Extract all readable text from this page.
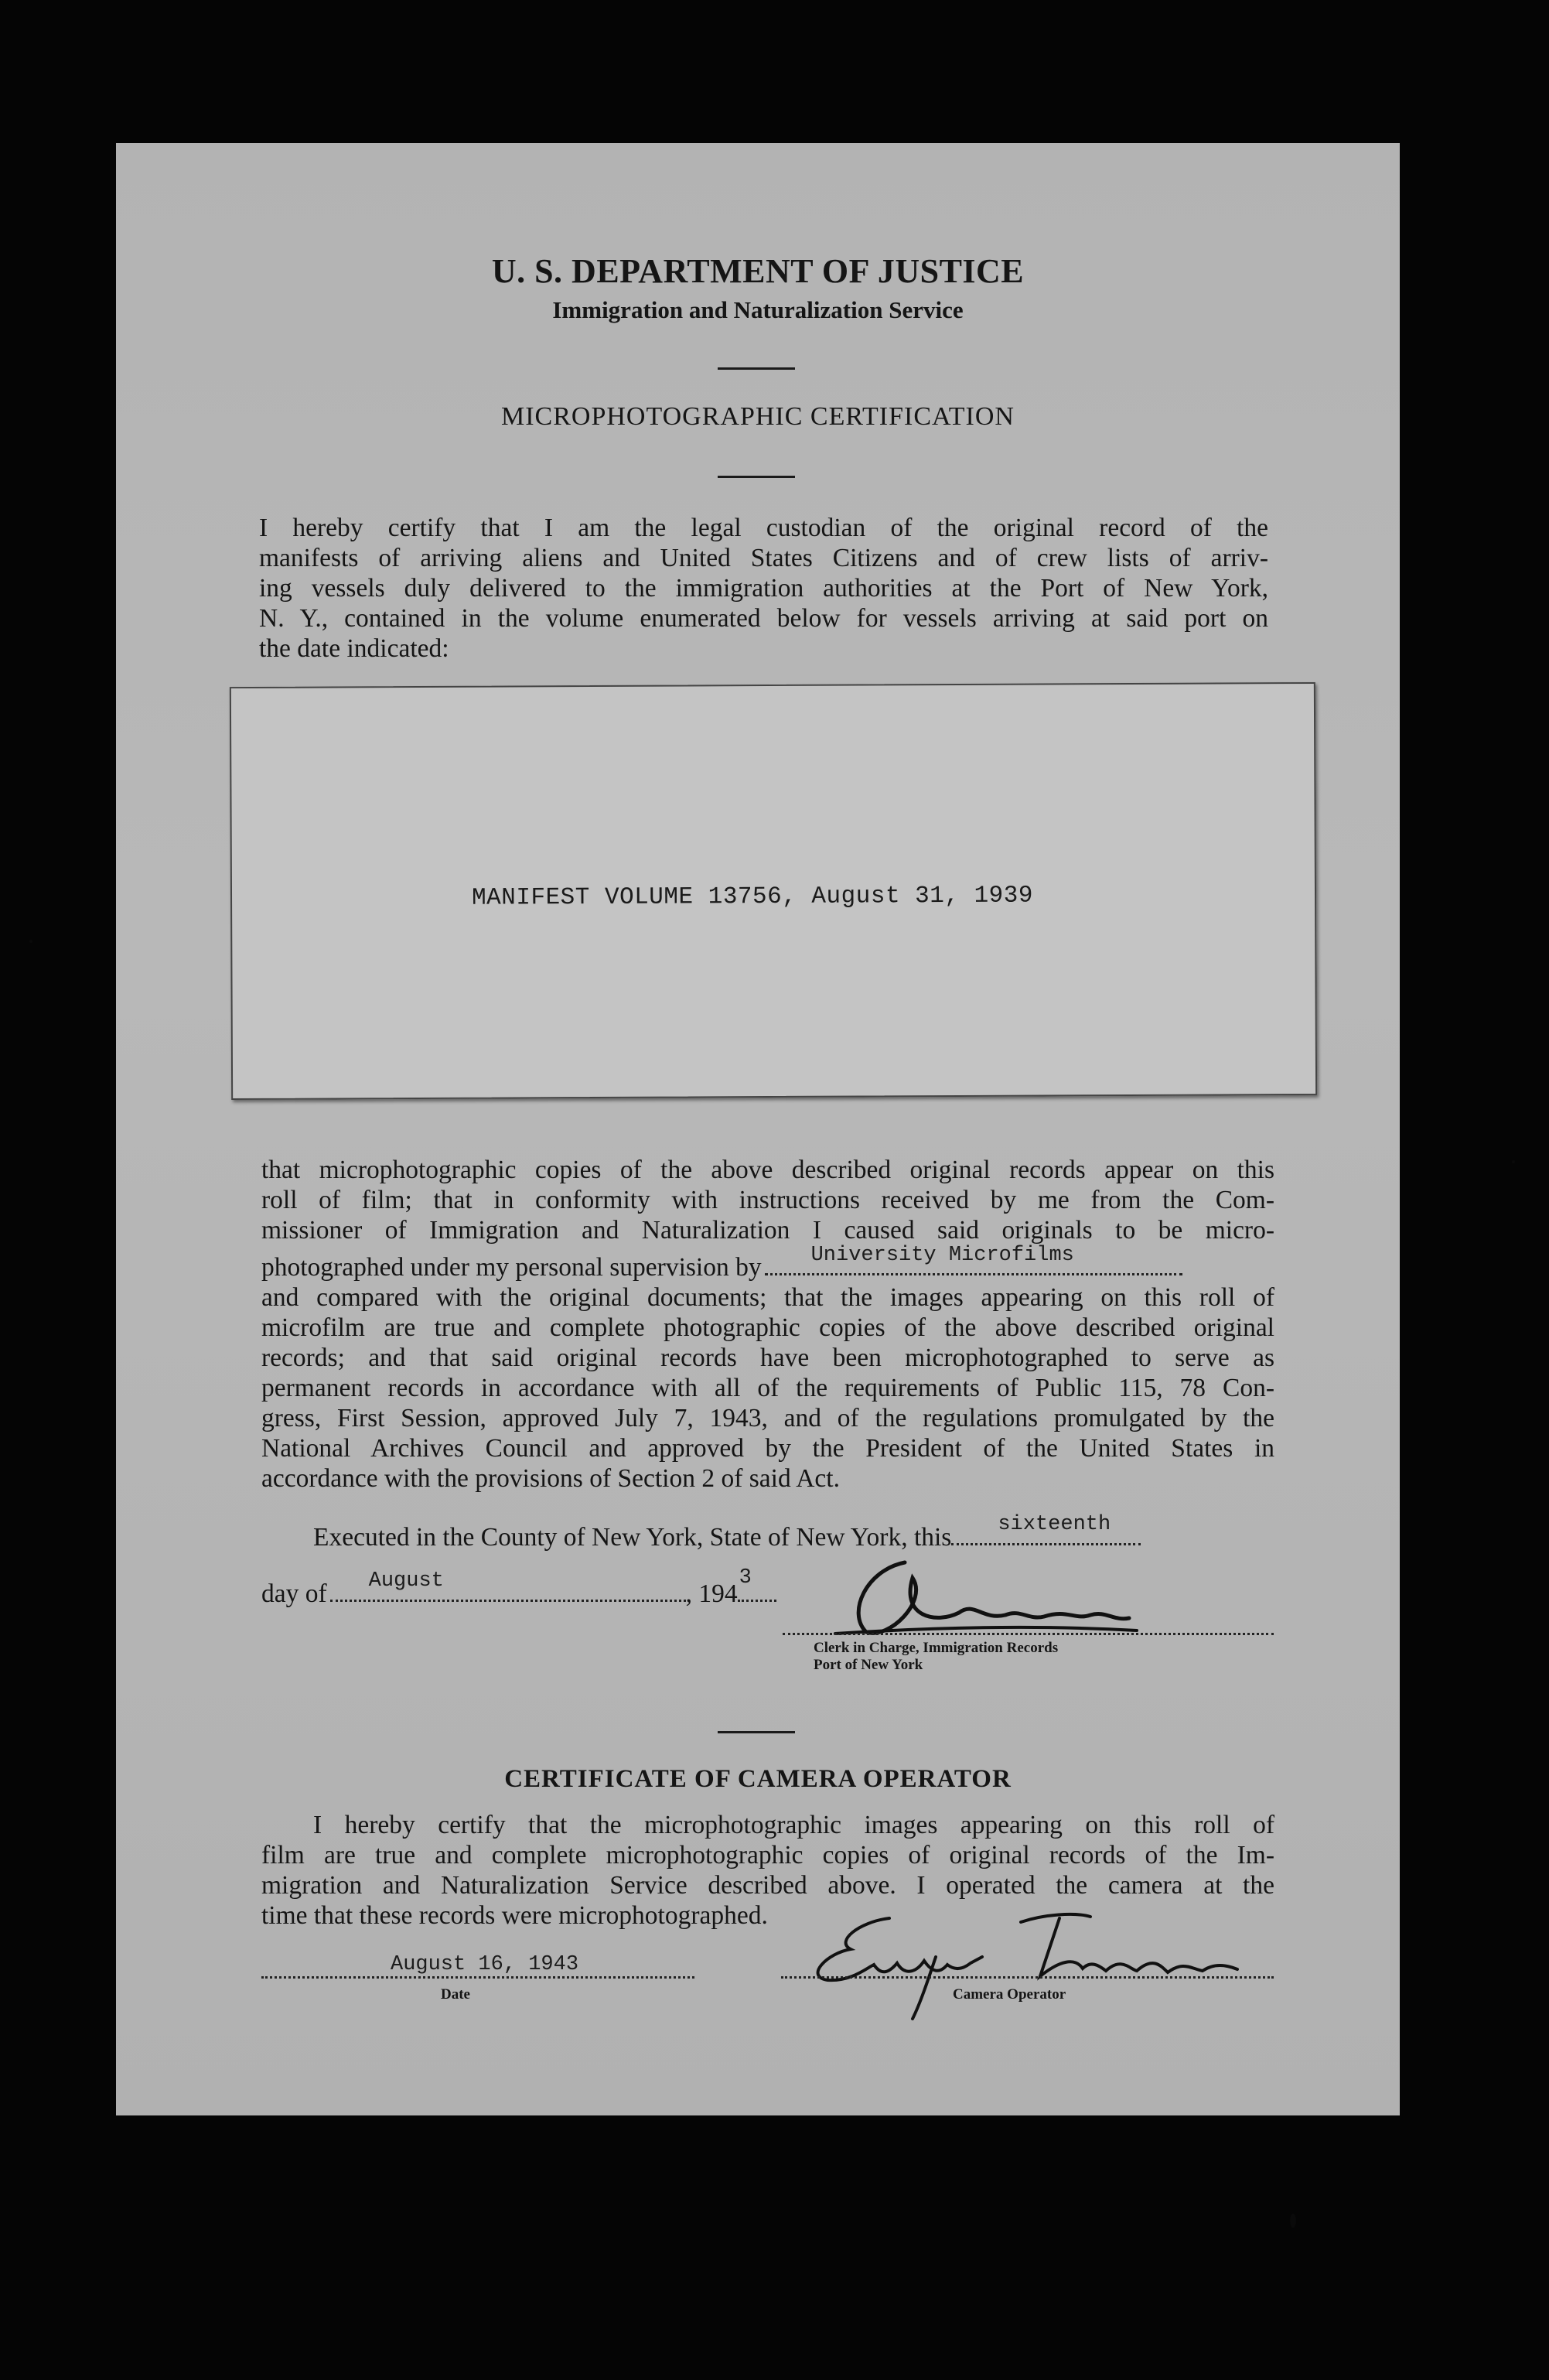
U. S. DEPARTMENT OF JUSTICE
Immigration and Naturalization Service
MICROPHOTOGRAPHIC CERTIFICATION
I hereby certify that I am the legal custodian of the original record of the
manifests of arriving aliens and United States Citizens and of crew lists of arriv-
ing vessels duly delivered to the immigration authorities at the Port of New York,
N. Y., contained in the volume enumerated below for vessels arriving at said port on
the date indicated:
MANIFEST VOLUME 13756, August 31, 1939
that microphotographic copies of the above described original records appear on this
roll of film; that in conformity with instructions received by me from the Com-
missioner of Immigration and Naturalization I caused said originals to be micro-
photographed under my personal supervision by University Microfilms
and compared with the original documents; that the images appearing on this roll of
microfilm are true and complete photographic copies of the above described original
records; and that said original records have been microphotographed to serve as
permanent records in accordance with all of the requirements of Public 115, 78 Con-
gress, First Session, approved July 7, 1943, and of the regulations promulgated by the
National Archives Council and approved by the President of the United States in
accordance with the provisions of Section 2 of said Act.
Executed in the County of New York, State of New York, this sixteenth
day of August	, 194
3
Clerk in Charge, Immigration Records
Port of New York
CERTIFICATE OF CAMERA OPERATOR
I hereby certify that the microphotographic images appearing on this roll of
film are true and complete microphotographic copies of original records of the Im-
migration and Naturalization Service described above. I operated the camera at the
time that these records were microphotographed.
August 16, 1943
Date	Camera Operator
